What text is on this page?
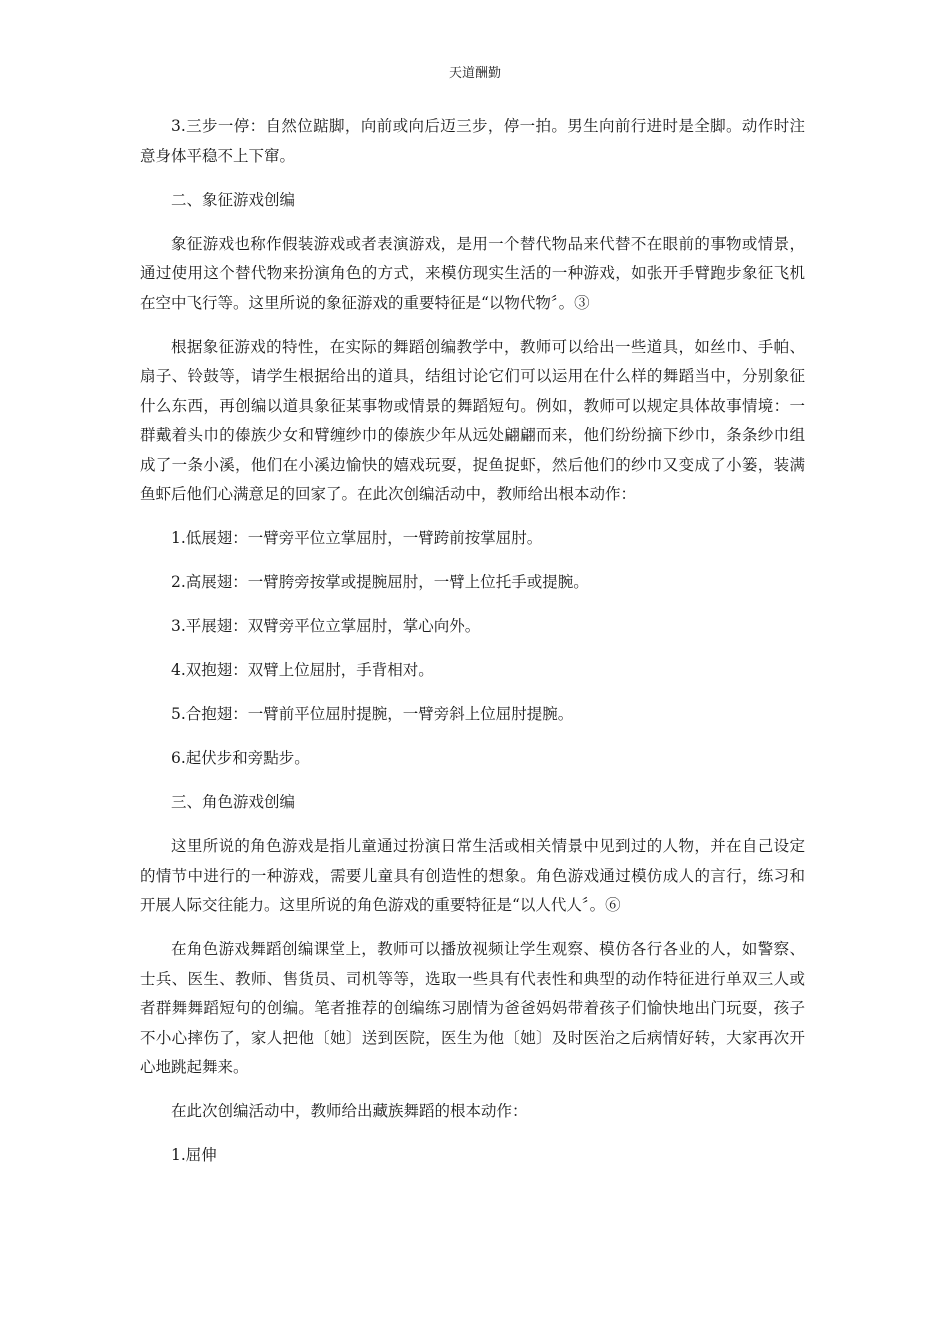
天道酬勤

3.三步一停：自然位踮脚，向前或向后迈三步，停一拍。男生向前行进时是全脚。动作时注意身体平稳不上下窜。

二、象征游戏创编

象征游戏也称作假装游戏或者表演游戏，是用一个替代物品来代替不在眼前的事物或情景，通过使用这个替代物来扮演角色的方式，来模仿现实生活的一种游戏，如张开手臂跑步象征飞机在空中飞行等。这里所说的象征游戏的重要特征是“以物代物〞。③

根据象征游戏的特性，在实际的舞蹈创编教学中，教师可以给出一些道具，如丝巾、手帕、扇子、铃鼓等，请学生根据给出的道具，结组讨论它们可以运用在什么样的舞蹈当中，分别象征什么东西，再创编以道具象征某事物或情景的舞蹈短句。例如，教师可以规定具体故事情境：一群戴着头巾的傣族少女和臂缠纱巾的傣族少年从远处翩翩而来，他们纷纷摘下纱巾，条条纱巾组成了一条小溪，他们在小溪边愉快的嬉戏玩耍，捉鱼捉虾，然后他们的纱巾又变成了小篓，装满鱼虾后他们心满意足的回家了。在此次创编活动中，教师给出根本动作：

1.低展翅：一臂旁平位立掌屈肘，一臂跨前按掌屈肘。

2.高展翅：一臂胯旁按掌或提腕屈肘，一臂上位托手或提腕。

3.平展翅：双臂旁平位立掌屈肘，掌心向外。

4.双抱翅：双臂上位屈肘，手背相对。

5.合抱翅：一臂前平位屈肘提腕，一臂旁斜上位屈肘提腕。

6.起伏步和旁點步。

三、角色游戏创编

这里所说的角色游戏是指儿童通过扮演日常生活或相关情景中见到过的人物，并在自己设定的情节中进行的一种游戏，需要儿童具有创造性的想象。角色游戏通过模仿成人的言行，练习和开展人际交往能力。这里所说的角色游戏的重要特征是“以人代人〞。⑥

在角色游戏舞蹈创编课堂上，教师可以播放视频让学生观察、模仿各行各业的人，如警察、士兵、医生、教师、售货员、司机等等，选取一些具有代表性和典型的动作特征进行单双三人或者群舞舞蹈短句的创编。笔者推荐的创编练习剧情为爸爸妈妈带着孩子们愉快地出门玩耍，孩子不小心摔伤了，家人把他〔她〕送到医院，医生为他〔她〕及时医治之后病情好转，大家再次开心地跳起舞来。

在此次创编活动中，教师给出藏族舞蹈的根本动作：

1.屈伸
